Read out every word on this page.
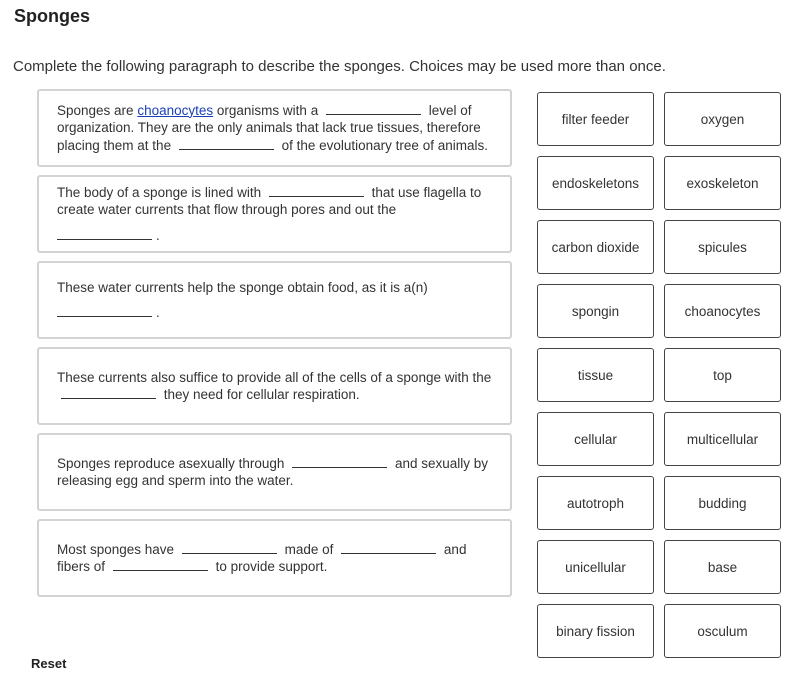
Sponges
Complete the following paragraph to describe the sponges. Choices may be used more than once.
Sponges are choanocytes organisms with a	level of organization. They are the only animals that lack true tissues, therefore placing them at the	of the evolutionary tree of animals.
The body of a sponge is lined with	that use flagella to create water currents that flow through pores and out the
.
These water currents help the sponge obtain food, as it is a(n)
.
These currents also suffice to provide all of the cells of a sponge with the  they need for cellular respiration.
Sponges reproduce asexually through	and sexually by releasing egg and sperm into the water.
Most sponges have	made of	and fibers of	to provide support.
filter feeder	oxygen
endoskeletons	exoskeleton
carbon dioxide	spicules
spongin	choanocytes
tissue	top
cellular	multicellular
autotroph	budding
unicellular	base
binary fission	osculum
Reset
